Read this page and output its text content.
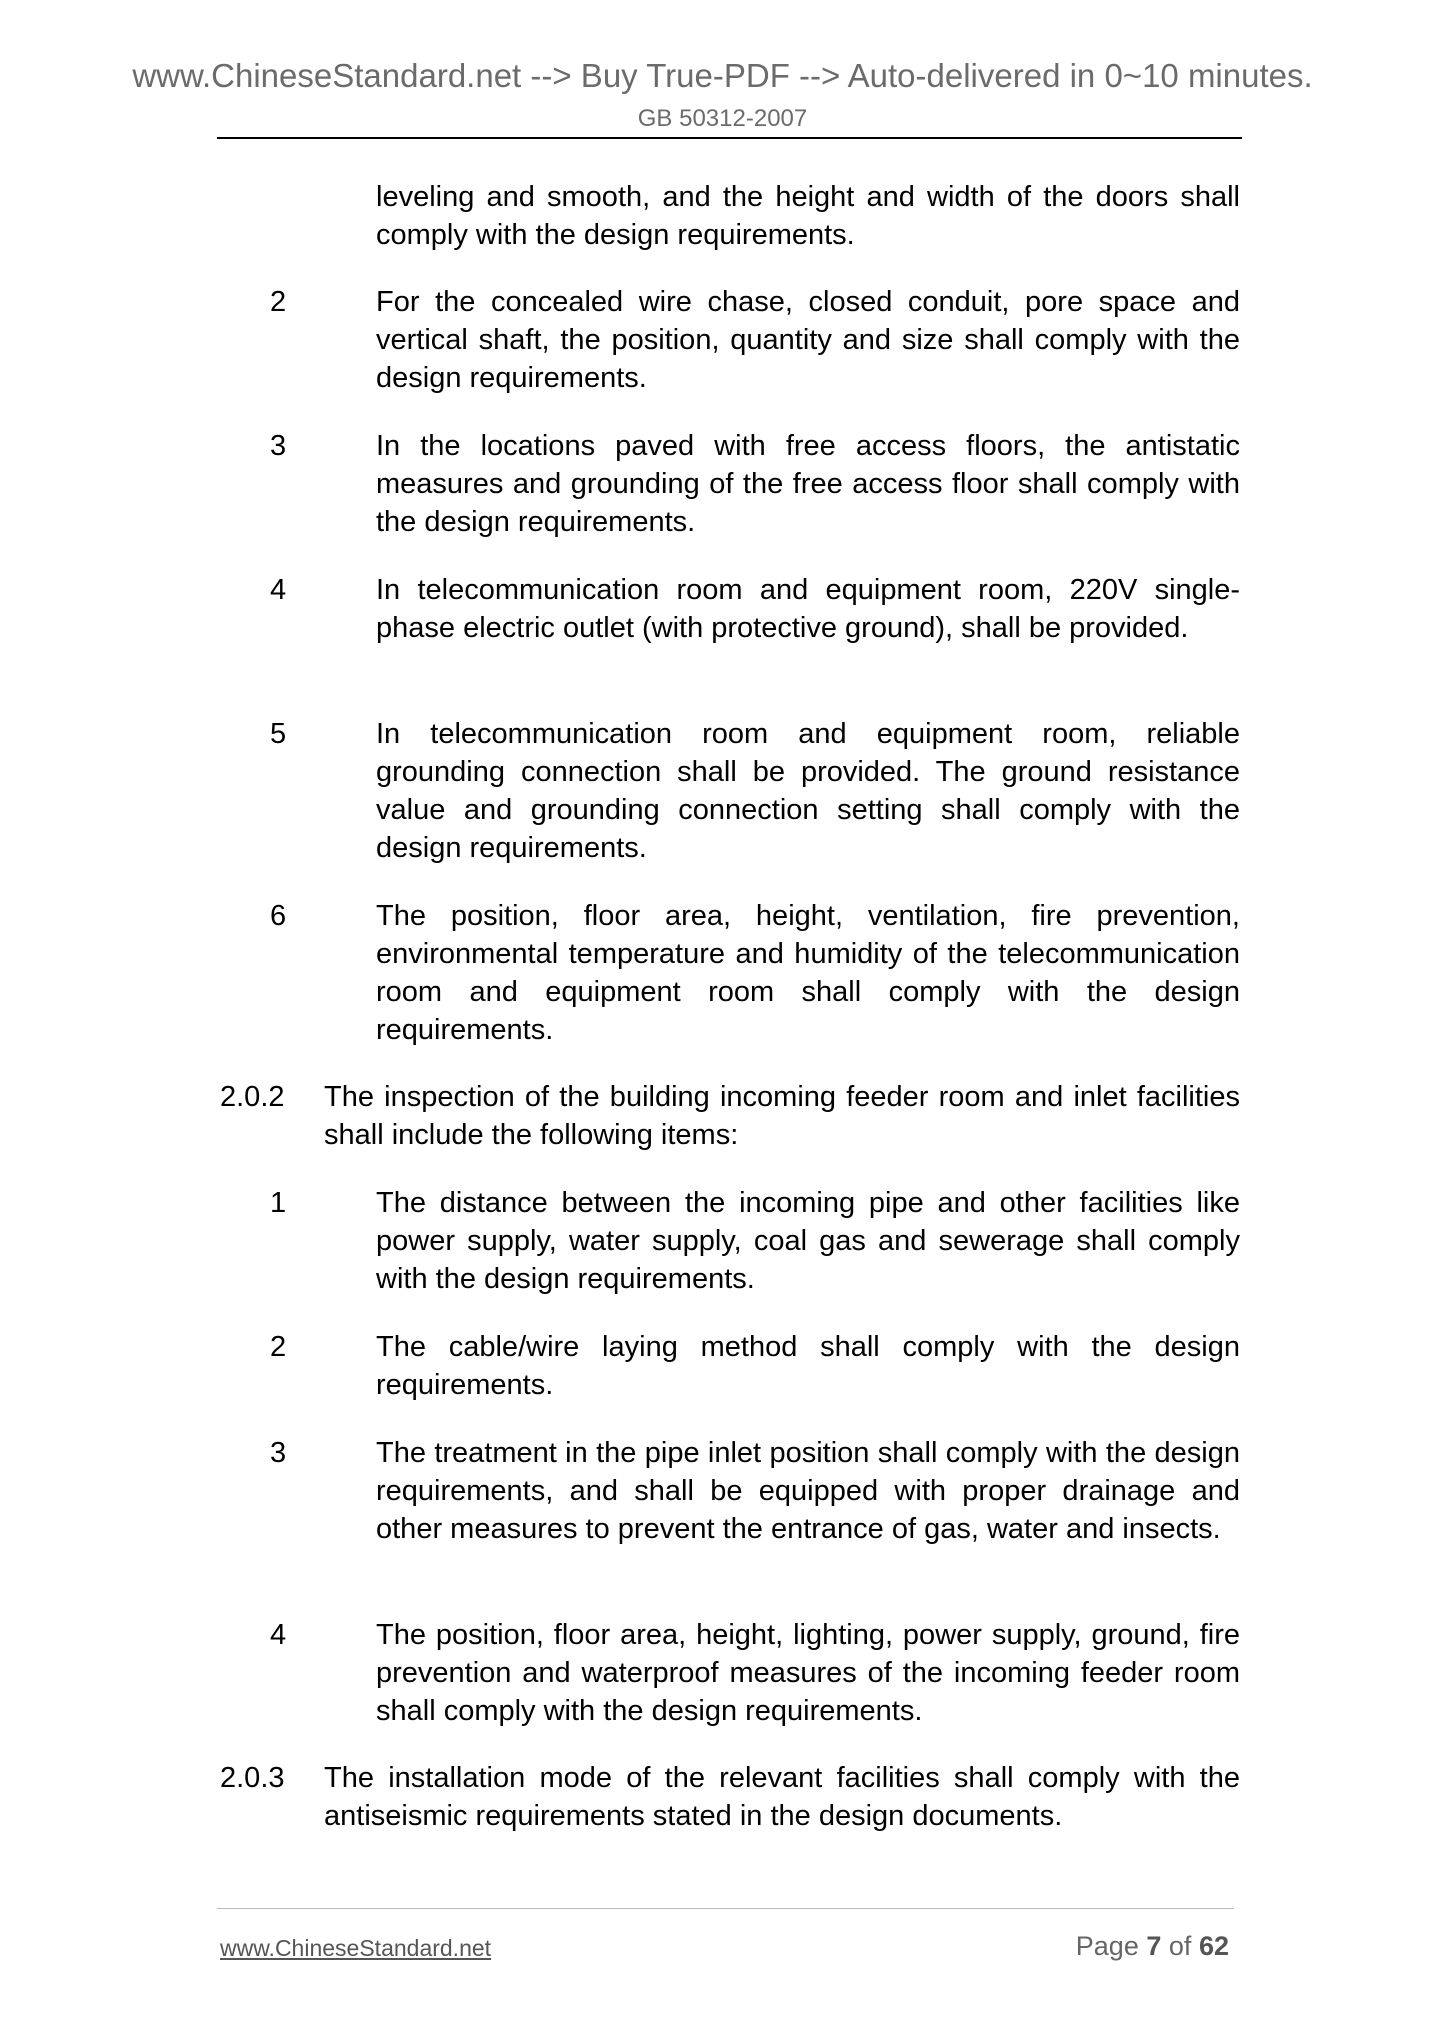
www.ChineseStandard.net --> Buy True-PDF --> Auto-delivered in 0~10 minutes.
GB 50312-2007
leveling and smooth, and the height and width of the doors shall comply with the design requirements.
2	For the concealed wire chase, closed conduit, pore space and vertical shaft, the position, quantity and size shall comply with the design requirements.
3	In the locations paved with free access floors, the antistatic measures and grounding of the free access floor shall comply with the design requirements.
4	In telecommunication room and equipment room, 220V single-phase electric outlet (with protective ground), shall be provided.
5	In telecommunication room and equipment room, reliable grounding connection shall be provided. The ground resistance value and grounding connection setting shall comply with the design requirements.
6	The position, floor area, height, ventilation, fire prevention, environmental temperature and humidity of the telecommunication room and equipment room shall comply with the design requirements.
2.0.2 The inspection of the building incoming feeder room and inlet facilities shall include the following items:
1	The distance between the incoming pipe and other facilities like power supply, water supply, coal gas and sewerage shall comply with the design requirements.
2	The cable/wire laying method shall comply with the design requirements.
3	The treatment in the pipe inlet position shall comply with the design requirements, and shall be equipped with proper drainage and other measures to prevent the entrance of gas, water and insects.
4	The position, floor area, height, lighting, power supply, ground, fire prevention and waterproof measures of the incoming feeder room shall comply with the design requirements.
2.0.3 The installation mode of the relevant facilities shall comply with the antiseismic requirements stated in the design documents.
www.ChineseStandard.net	Page 7 of 62
